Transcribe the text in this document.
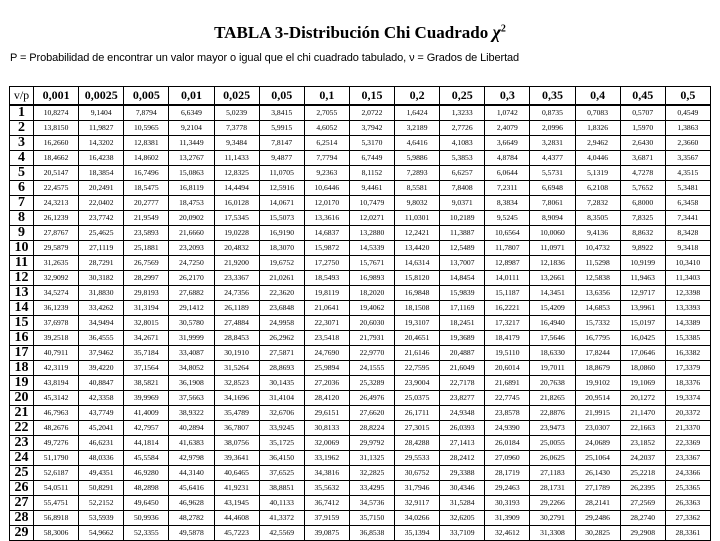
TABLA 3-Distribución Chi Cuadrado $\chi^2$
P = Probabilidad de encontrar un valor mayor o igual que el chi cuadrado tabulado, ν = Grados de Libertad
v/p	0,001	0,0025	0,005	0,01	0,025	0,05	0,1	0,15	0,2	0,25	0,3	0,35	0,4	0,45	0,5
1	10,8274	9,1404	7,8794	6,6349	5,0239	3,8415	2,7055	2,0722	1,6424	1,3233	1,0742	0,8735	0,7083	0,5707	0,4549
2	13,8150	11,9827	10,5965	9,2104	7,3778	5,9915	4,6052	3,7942	3,2189	2,7726	2,4079	2,0996	1,8326	1,5970	1,3863
3	16,2660	14,3202	12,8381	11,3449	9,3484	7,8147	6,2514	5,3170	4,6416	4,1083	3,6649	3,2831	2,9462	2,6430	2,3660
4	18,4662	16,4238	14,8602	13,2767	11,1433	9,4877	7,7794	6,7449	5,9886	5,3853	4,8784	4,4377	4,0446	3,6871	3,3567
5	20,5147	18,3854	16,7496	15,0863	12,8325	11,0705	9,2363	8,1152	7,2893	6,6257	6,0644	5,5731	5,1319	4,7278	4,3515
6	22,4575	20,2491	18,5475	16,8119	14,4494	12,5916	10,6446	9,4461	8,5581	7,8408	7,2311	6,6948	6,2108	5,7652	5,3481
7	24,3213	22,0402	20,2777	18,4753	16,0128	14,0671	12,0170	10,7479	9,8032	9,0371	8,3834	7,8061	7,2832	6,8000	6,3458
8	26,1239	23,7742	21,9549	20,0902	17,5345	15,5073	13,3616	12,0271	11,0301	10,2189	9,5245	8,9094	8,3505	7,8325	7,3441
9	27,8767	25,4625	23,5893	21,6660	19,0228	16,9190	14,6837	13,2880	12,2421	11,3887	10,6564	10,0060	9,4136	8,8632	8,3428
10	29,5879	27,1119	25,1881	23,2093	20,4832	18,3070	15,9872	14,5339	13,4420	12,5489	11,7807	11,0971	10,4732	9,8922	9,3418
11	31,2635	28,7291	26,7569	24,7250	21,9200	19,6752	17,2750	15,7671	14,6314	13,7007	12,8987	12,1836	11,5298	10,9199	10,3410
12	32,9092	30,3182	28,2997	26,2170	23,3367	21,0261	18,5493	16,9893	15,8120	14,8454	14,0111	13,2661	12,5838	11,9463	11,3403
13	34,5274	31,8830	29,8193	27,6882	24,7356	22,3620	19,8119	18,2020	16,9848	15,9839	15,1187	14,3451	13,6356	12,9717	12,3398
14	36,1239	33,4262	31,3194	29,1412	26,1189	23,6848	21,0641	19,4062	18,1508	17,1169	16,2221	15,4209	14,6853	13,9961	13,3393
15	37,6978	34,9494	32,8015	30,5780	27,4884	24,9958	22,3071	20,6030	19,3107	18,2451	17,3217	16,4940	15,7332	15,0197	14,3389
16	39,2518	36,4555	34,2671	31,9999	28,8453	26,2962	23,5418	21,7931	20,4651	19,3689	18,4179	17,5646	16,7795	16,0425	15,3385
17	40,7911	37,9462	35,7184	33,4087	30,1910	27,5871	24,7690	22,9770	21,6146	20,4887	19,5110	18,6330	17,8244	17,0646	16,3382
18	42,3119	39,4220	37,1564	34,8052	31,5264	28,8693	25,9894	24,1555	22,7595	21,6049	20,6014	19,7011	18,8679	18,0860	17,3379
19	43,8194	40,8847	38,5821	36,1908	32,8523	30,1435	27,2036	25,3289	23,9004	22,7178	21,6891	20,7638	19,9102	19,1069	18,3376
20	45,3142	42,3358	39,9969	37,5663	34,1696	31,4104	28,4120	26,4976	25,0375	23,8277	22,7745	21,8265	20,9514	20,1272	19,3374
21	46,7963	43,7749	41,4009	38,9322	35,4789	32,6706	29,6151	27,6620	26,1711	24,9348	23,8578	22,8876	21,9915	21,1470	20,3372
22	48,2676	45,2041	42,7957	40,2894	36,7807	33,9245	30,8133	28,8224	27,3015	26,0393	24,9390	23,9473	23,0307	22,1663	21,3370
23	49,7276	46,6231	44,1814	41,6383	38,0756	35,1725	32,0069	29,9792	28,4288	27,1413	26,0184	25,0055	24,0689	23,1852	22,3369
24	51,1790	48,0336	45,5584	42,9798	39,3641	36,4150	33,1962	31,1325	29,5533	28,2412	27,0960	26,0625	25,1064	24,2037	23,3367
25	52,6187	49,4351	46,9280	44,3140	40,6465	37,6525	34,3816	32,2825	30,6752	29,3388	28,1719	27,1183	26,1430	25,2218	24,3366
26	54,0511	50,8291	48,2898	45,6416	41,9231	38,8851	35,5632	33,4295	31,7946	30,4346	29,2463	28,1731	27,1789	26,2395	25,3365
27	55,4751	52,2152	49,6450	46,9628	43,1945	40,1133	36,7412	34,5736	32,9117	31,5284	30,3193	29,2266	28,2141	27,2569	26,3363
28	56,8918	53,5939	50,9936	48,2782	44,4608	41,3372	37,9159	35,7150	34,0266	32,6205	31,3909	30,2791	29,2486	28,2740	27,3362
29	58,3006	54,9662	52,3355	49,5878	45,7223	42,5569	39,0875	36,8538	35,1394	33,7109	32,4612	31,3308	30,2825	29,2908	28,3361
